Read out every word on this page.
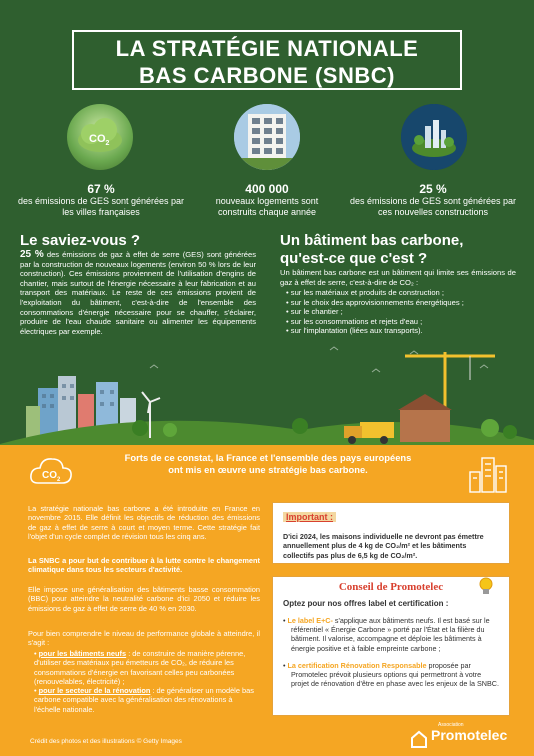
LA STRATÉGIE NATIONALE
BAS CARBONE (SNBC)
$CO_2$
67 %
des émissions de GES sont générées par les villes françaises
400 000
nouveaux logements sont construits chaque année
25 %
des émissions de GES sont générées par ces nouvelles constructions
Le saviez-vous ?
25 % des émissions de gaz à effet de serre (GES) sont générées par la construction de nouveaux logements (environ 50 % lors de leur construction). Ces émissions proviennent de l'utilisation d'engins de chantier, mais surtout de l'énergie nécessaire à leur fabrication et au transport des matériaux. Le reste de ces émissions provient de l'exploitation du bâtiment, c'est-à-dire de l'ensemble des consommations d'énergie nécessaire pour se chauffer, s'éclairer, produire de l'eau chaude sanitaire ou alimenter les équipements électriques par exemple.
Un bâtiment bas carbone,
qu'est-ce que c'est ?
Un bâtiment bas carbone est un bâtiment qui limite ses émissions de gaz à effet de serre, c'est-à-dire de CO₂ :
• sur les matériaux et produits de construction ;
• sur le choix des approvisionnements énergétiques ;
• sur le chantier ;
• sur les consommations et rejets d'eau ;
• sur l'implantation (liées aux transports).
$CO_2$
Forts de ce constat, la France et l'ensemble des pays européens
ont mis en œuvre une stratégie bas carbone.
La stratégie nationale bas carbone a été introduite en France en novembre 2015. Elle définit les objectifs de réduction des émissions de gaz à effet de serre à court et moyen terme. Cette stratégie fait l'objet d'un cycle complet de révision tous les cinq ans.
La SNBC a pour but de contribuer à la lutte contre le changement climatique dans tous les secteurs d'activité.
Elle impose une généralisation des bâtiments basse consommation (BBC) pour atteindre la neutralité carbone d'ici 2050 et réduire les émissions de gaz à effet de serre de 40 % en 2030.
Pour bien comprendre le niveau de performance globale à atteindre, il s'agit :
• pour les bâtiments neufs : de construire de manière pérenne, d'utiliser des matériaux peu émetteurs de CO₂, de réduire les consommations d'énergie en favorisant celles peu carbonées (renouvelables, électricité) ;
• pour le secteur de la rénovation : de généraliser un modèle bas carbone compatible avec la généralisation des rénovations à l'échelle nationale.
Important :
D'ici 2024, les maisons individuelle ne devront pas émettre annuellement plus de 4 kg de CO₂/m² et les bâtiments collectifs pas plus de 6,5 kg de CO₂/m².
Conseil de Promotelec
Optez pour nos offres label et certification :
• Le label E+C- s'applique aux bâtiments neufs. Il est basé sur le référentiel « Énergie Carbone » porté par l'État et la filière du bâtiment. Il valorise, accompagne et déploie les bâtiments à énergie positive et à faible empreinte carbone ;
• La certification Rénovation Responsable proposée par Promotelec prévoit plusieurs options qui permettront à votre projet de rénovation d'être en phase avec les enjeux de la SNBC.
Crédit des photos et des illustrations © Getty Images
Association
Promotelec
